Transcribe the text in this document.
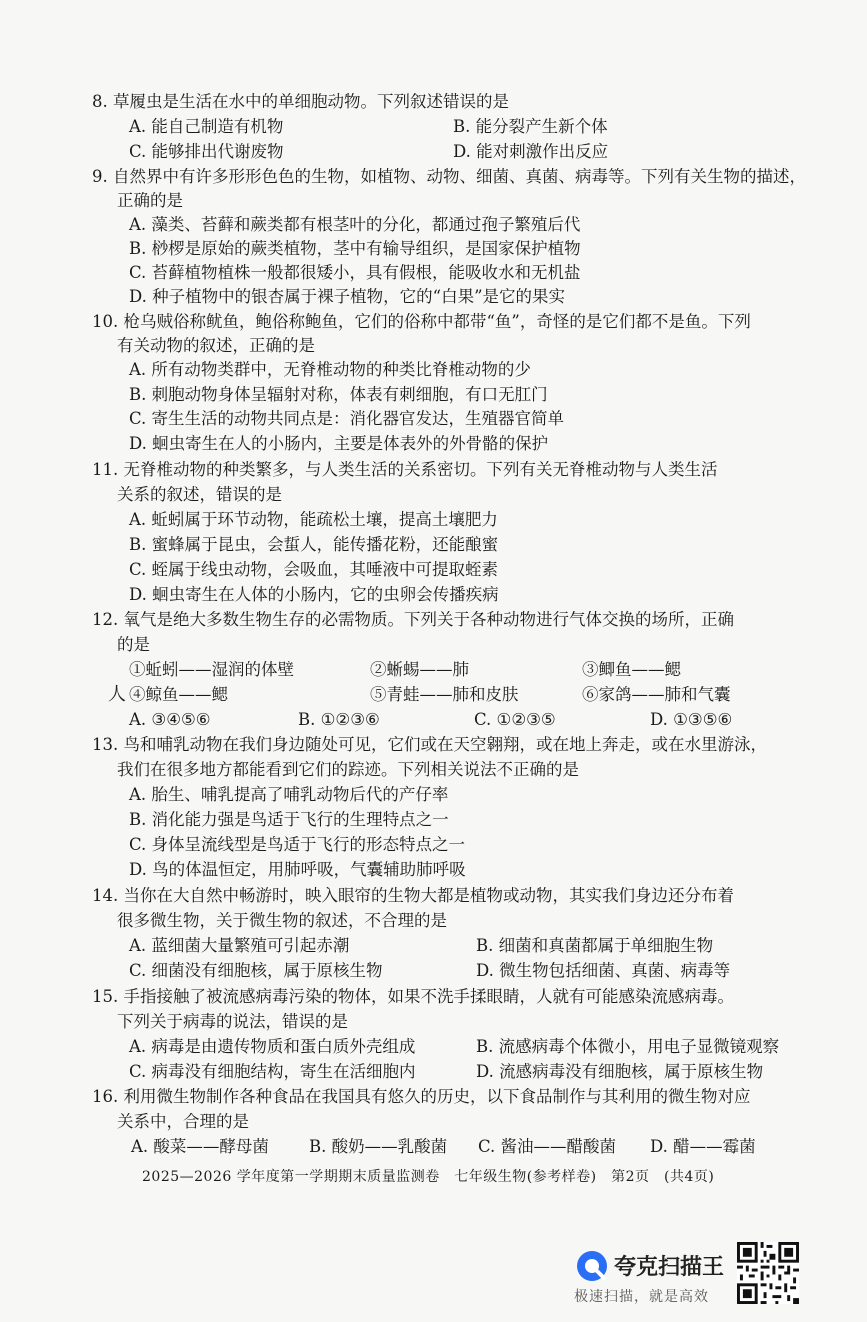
8. 草履虫是生活在水中的单细胞动物。下列叙述错误的是
A. 能自己制造有机物	B. 能分裂产生新个体
C. 能够排出代谢废物	D. 能对刺激作出反应
9. 自然界中有许多形形色色的生物，如植物、动物、细菌、真菌、病毒等。下列有关生物的描述，
正确的是
A. 藻类、苔藓和蕨类都有根茎叶的分化，都通过孢子繁殖后代
B. 桫椤是原始的蕨类植物，茎中有输导组织，是国家保护植物
C. 苔藓植物植株一般都很矮小，具有假根，能吸收水和无机盐
D. 种子植物中的银杏属于裸子植物，它的“白果”是它的果实
10. 枪乌贼俗称鱿鱼，鲍俗称鲍鱼，它们的俗称中都带“鱼”，奇怪的是它们都不是鱼。下列
有关动物的叙述，正确的是
A. 所有动物类群中，无脊椎动物的种类比脊椎动物的少
B. 刺胞动物身体呈辐射对称，体表有刺细胞，有口无肛门
C. 寄生生活的动物共同点是：消化器官发达，生殖器官简单
D. 蛔虫寄生在人的小肠内，主要是体表外的外骨骼的保护
11. 无脊椎动物的种类繁多，与人类生活的关系密切。下列有关无脊椎动物与人类生活
关系的叙述，错误的是
A. 蚯蚓属于环节动物，能疏松土壤，提高土壤肥力
B. 蜜蜂属于昆虫，会蜇人，能传播花粉，还能酿蜜
C. 蛭属于线虫动物，会吸血，其唾液中可提取蛭素
D. 蛔虫寄生在人体的小肠内，它的虫卵会传播疾病
12. 氧气是绝大多数生物生存的必需物质。下列关于各种动物进行气体交换的场所，正确
的是
①蚯蚓——湿润的体壁	②蜥蜴——肺	③鲫鱼——鳃
人 ④鲸鱼——鳃	⑤青蛙——肺和皮肤	⑥家鸽——肺和气囊
A. ③④⑤⑥	B. ①②③⑥	C. ①②③⑤	D. ①③⑤⑥
13. 鸟和哺乳动物在我们身边随处可见，它们或在天空翱翔，或在地上奔走，或在水里游泳，
我们在很多地方都能看到它们的踪迹。下列相关说法不正确的是
A. 胎生、哺乳提高了哺乳动物后代的产仔率
B. 消化能力强是鸟适于飞行的生理特点之一
C. 身体呈流线型是鸟适于飞行的形态特点之一
D. 鸟的体温恒定，用肺呼吸，气囊辅助肺呼吸
14. 当你在大自然中畅游时，映入眼帘的生物大都是植物或动物，其实我们身边还分布着
很多微生物，关于微生物的叙述，不合理的是
A. 蓝细菌大量繁殖可引起赤潮	B. 细菌和真菌都属于单细胞生物
C. 细菌没有细胞核，属于原核生物	D. 微生物包括细菌、真菌、病毒等
15. 手指接触了被流感病毒污染的物体，如果不洗手揉眼睛，人就有可能感染流感病毒。
下列关于病毒的说法，错误的是
A. 病毒是由遗传物质和蛋白质外壳组成	B. 流感病毒个体微小，用电子显微镜观察
C. 病毒没有细胞结构，寄生在活细胞内	D. 流感病毒没有细胞核，属于原核生物
16. 利用微生物制作各种食品在我国具有悠久的历史，以下食品制作与其利用的微生物对应
关系中，合理的是
A. 酸菜——酵母菌 B. 酸奶——乳酸菌 C. 酱油——醋酸菌 D. 醋——霉菌
2025—2026 学年度第一学期期末质量监测卷　七年级生物(参考样卷)　第2页　(共4页)
夸克扫描王
极速扫描，就是高效
